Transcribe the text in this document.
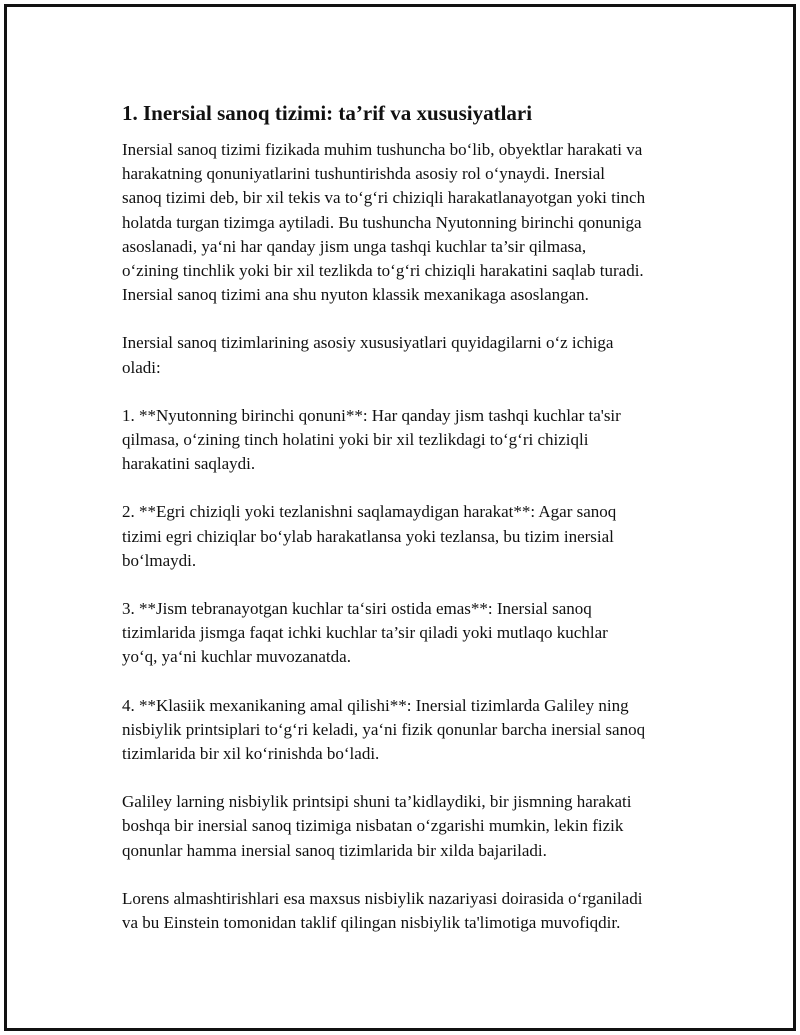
1. Inersial sanoq tizimi: ta’rif va xususiyatlari

Inersial sanoq tizimi fizikada muhim tushuncha bo‘lib, obyektlar harakati va
harakatning qonuniyatlarini tushuntirishda asosiy rol o‘ynaydi. Inersial
sanoq tizimi deb, bir xil tekis va to‘g‘ri chiziqli harakatlanayotgan yoki tinch
holatda turgan tizimga aytiladi. Bu tushuncha Nyutonning birinchi qonuniga
asoslanadi, ya‘ni har qanday jism unga tashqi kuchlar ta’sir qilmasa,
o‘zining tinchlik yoki bir xil tezlikda to‘g‘ri chiziqli harakatini saqlab turadi.
Inersial sanoq tizimi ana shu nyuton klassik mexanikaga asoslangan.

Inersial sanoq tizimlarining asosiy xususiyatlari quyidagilarni o‘z ichiga
oladi:

1. **Nyutonning birinchi qonuni**: Har qanday jism tashqi kuchlar ta'sir
qilmasa, o‘zining tinch holatini yoki bir xil tezlikdagi to‘g‘ri chiziqli
harakatini saqlaydi.

2. **Egri chiziqli yoki tezlanishni saqlamaydigan harakat**: Agar sanoq
tizimi egri chiziqlar bo‘ylab harakatlansa yoki tezlansa, bu tizim inersial
bo‘lmaydi.

3. **Jism tebranayotgan kuchlar ta‘siri ostida emas**: Inersial sanoq
tizimlarida jismga faqat ichki kuchlar ta’sir qiladi yoki mutlaqo kuchlar
yo‘q, ya‘ni kuchlar muvozanatda.

4. **Klasiik mexanikaning amal qilishi**: Inersial tizimlarda Galiley ning
nisbiylik printsiplari to‘g‘ri keladi, ya‘ni fizik qonunlar barcha inersial sanoq
tizimlarida bir xil ko‘rinishda bo‘ladi.

Galiley larning nisbiylik printsipi shuni ta’kidlaydiki, bir jismning harakati
boshqa bir inersial sanoq tizimiga nisbatan o‘zgarishi mumkin, lekin fizik
qonunlar hamma inersial sanoq tizimlarida bir xilda bajariladi.

Lorens almashtirishlari esa maxsus nisbiylik nazariyasi doirasida o‘rganiladi
va bu Einstein tomonidan taklif qilingan nisbiylik ta'limotiga muvofiqdir.
